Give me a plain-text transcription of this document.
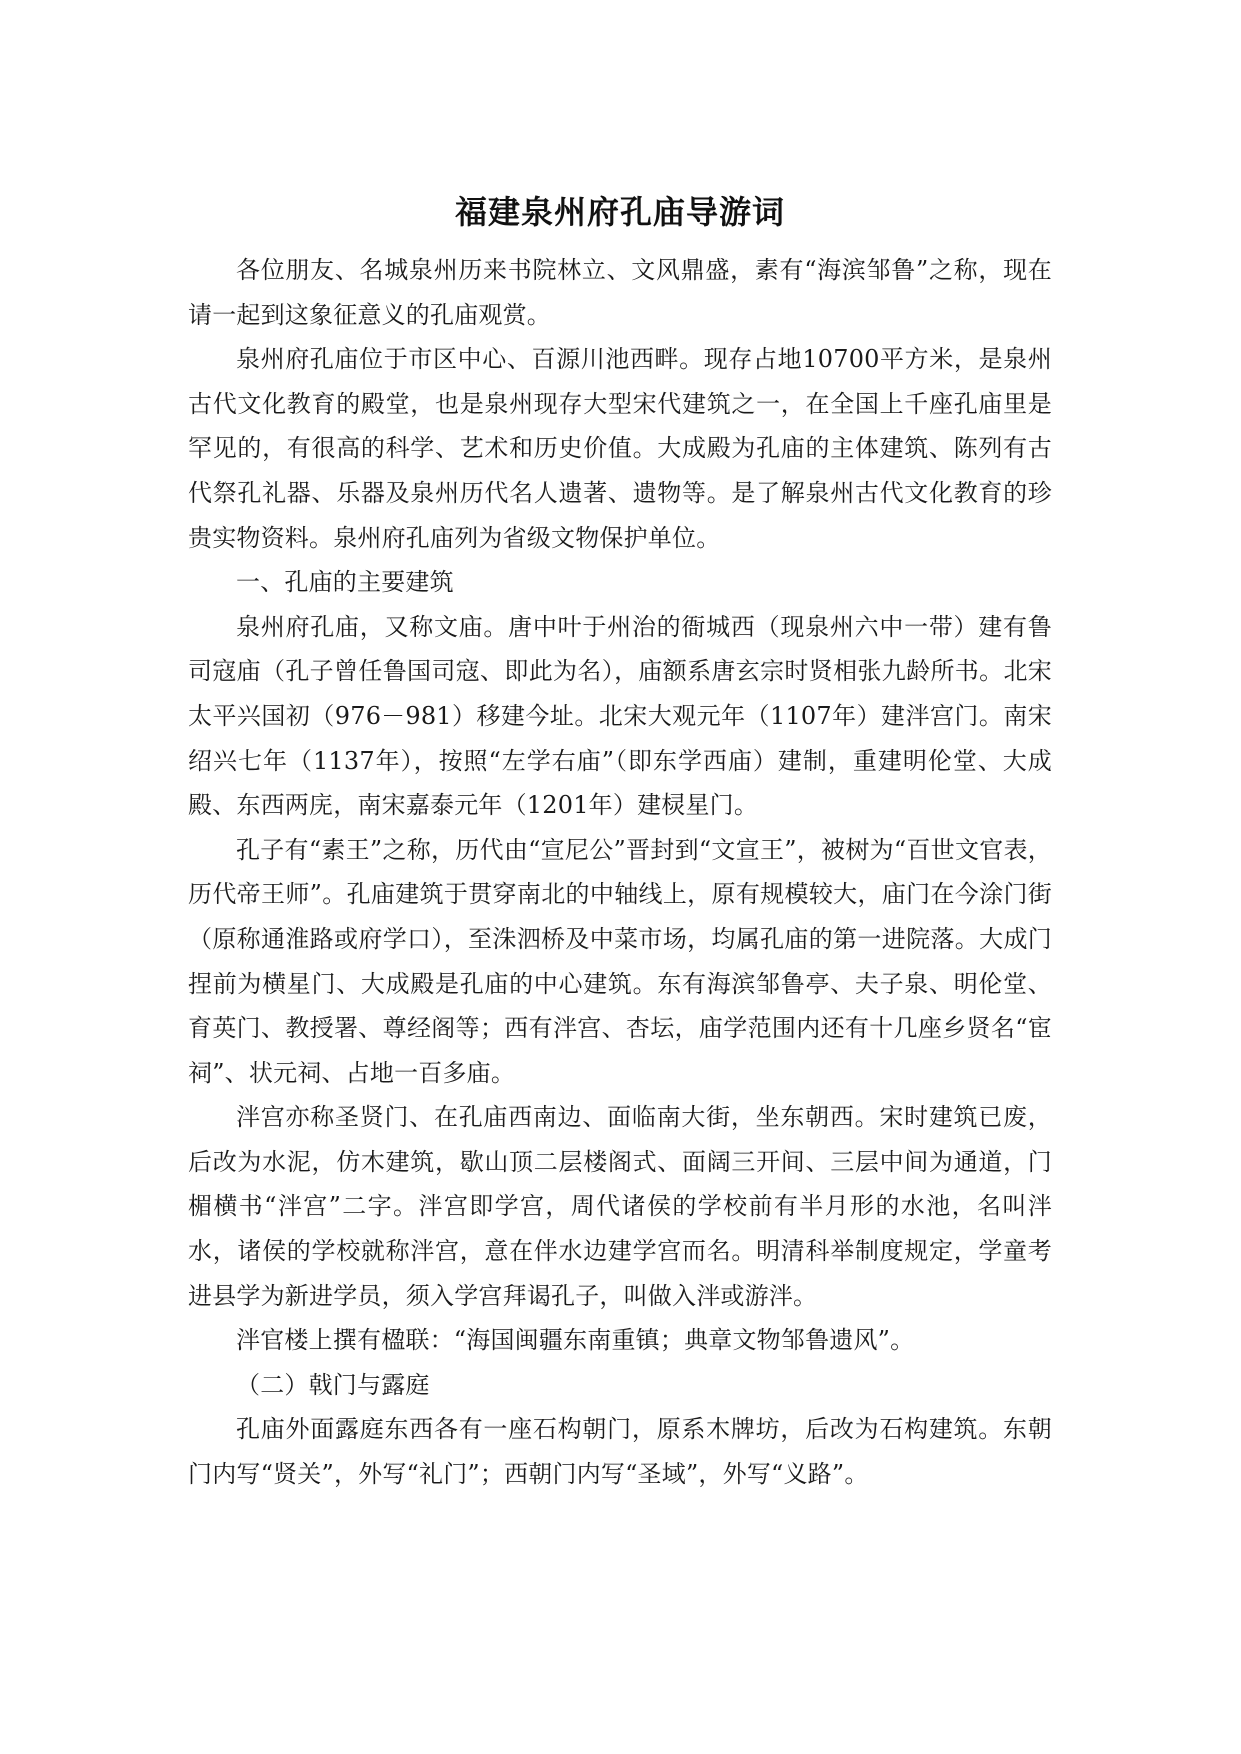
福建泉州府孔庙导游词

各位朋友、名城泉州历来书院林立、文风鼎盛，素有“海滨邹鲁”之称，现在请一起到这象征意义的孔庙观赏。

泉州府孔庙位于市区中心、百源川池西畔。现存占地10700平方米，是泉州古代文化教育的殿堂，也是泉州现存大型宋代建筑之一，在全国上千座孔庙里是罕见的，有很高的科学、艺术和历史价值。大成殿为孔庙的主体建筑、陈列有古代祭孔礼器、乐器及泉州历代名人遗著、遗物等。是了解泉州古代文化教育的珍贵实物资料。泉州府孔庙列为省级文物保护单位。

一、孔庙的主要建筑

泉州府孔庙，又称文庙。唐中叶于州治的衙城西（现泉州六中一带）建有鲁司寇庙（孔子曾任鲁国司寇、即此为名），庙额系唐玄宗时贤相张九龄所书。北宋太平兴国初（976－981）移建今址。北宋大观元年（1107年）建泮宫门。南宋绍兴七年（1137年），按照“左学右庙”（即东学西庙）建制，重建明伦堂、大成殿、东西两庑，南宋嘉泰元年（1201年）建棂星门。

孔子有“素王”之称，历代由“宣尼公”晋封到“文宣王”，被树为“百世文官表，历代帝王师”。孔庙建筑于贯穿南北的中轴线上，原有规模较大，庙门在今涂门街（原称通淮路或府学口），至洙泗桥及中菜市场，均属孔庙的第一进院落。大成门捏前为横星门、大成殿是孔庙的中心建筑。东有海滨邹鲁亭、夫子泉、明伦堂、育英门、教授署、尊经阁等；西有泮宫、杏坛，庙学范围内还有十几座乡贤名“宦祠”、状元祠、占地一百多庙。

泮宫亦称圣贤门、在孔庙西南边、面临南大街，坐东朝西。宋时建筑已废，后改为水泥，仿木建筑，歇山顶二层楼阁式、面阔三开间、三层中间为通道，门楣横书“泮宫”二字。泮宫即学宫，周代诸侯的学校前有半月形的水池，名叫泮水，诸侯的学校就称泮宫，意在伴水边建学宫而名。明清科举制度规定，学童考进县学为新进学员，须入学宫拜谒孔子，叫做入泮或游泮。

泮官楼上撰有楹联：“海国闽疆东南重镇；典章文物邹鲁遗风”。

（二）戟门与露庭

孔庙外面露庭东西各有一座石构朝门，原系木牌坊，后改为石构建筑。东朝门内写“贤关”，外写“礼门”；西朝门内写“圣域”，外写“义路”。
